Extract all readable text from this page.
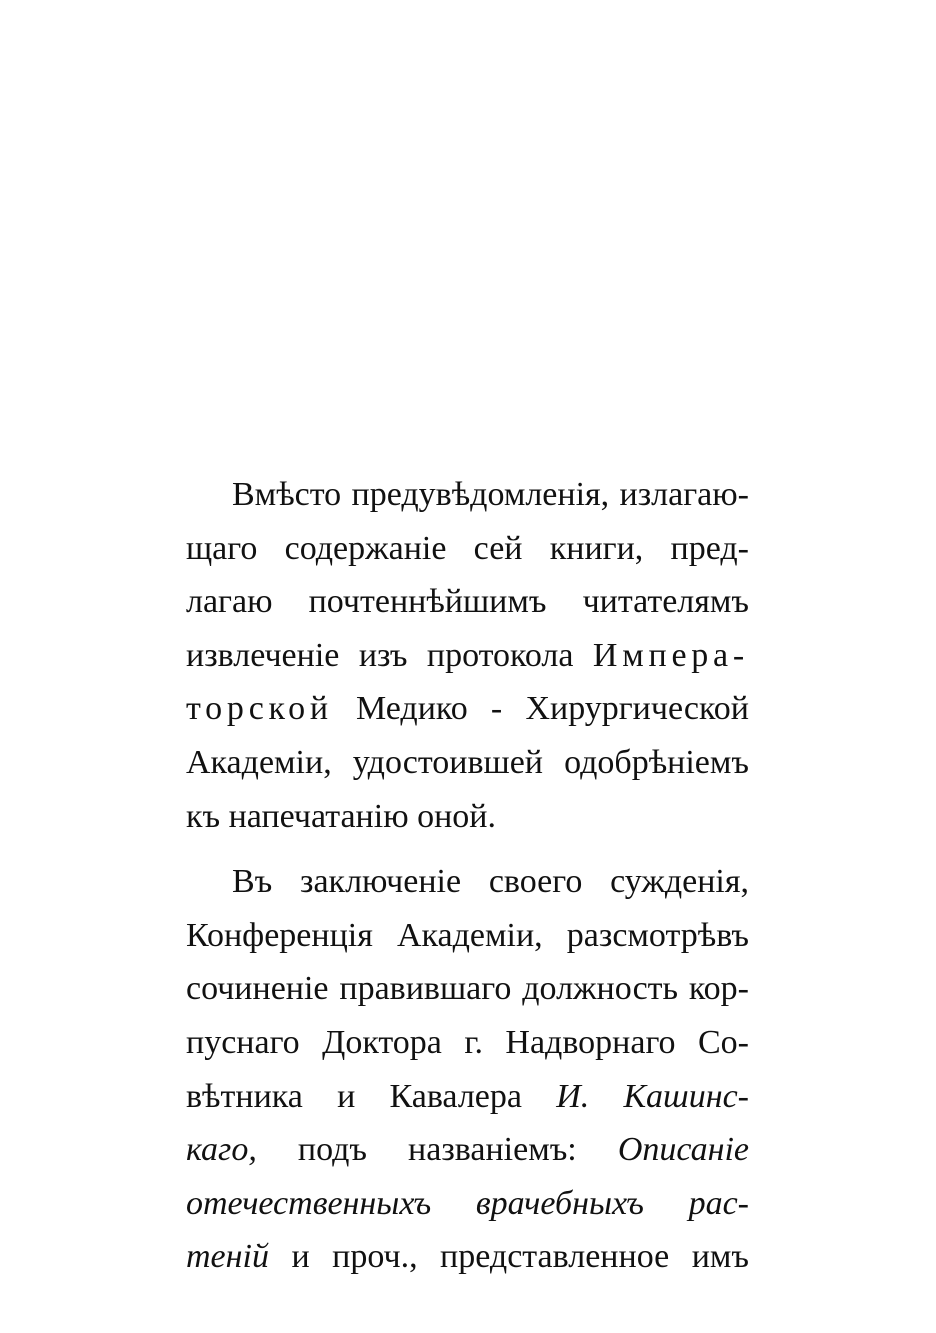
Вмѣсто предувѣдомленія, излагаю-
щаго содержаніе сей книги, пред-
лагаю почтеннѣйшимъ читателямъ
извлеченіе изъ протокола Импера-
торской Медико - Хирургической
Академіи, удостоившей одобрѣніемъ
къ напечатанію оной.
Въ заключеніе своего сужденія,
Конференція Академіи, разсмотрѣвъ
сочиненіе правившаго должность кор-
пуснаго Доктора г. Надворнаго Со-
вѣтника и Кавалера И. Кашинс-
каго, подъ названіемъ: Описаніе
отечественныхъ врачебныхъ рас-
теній и проч., представленное имъ
